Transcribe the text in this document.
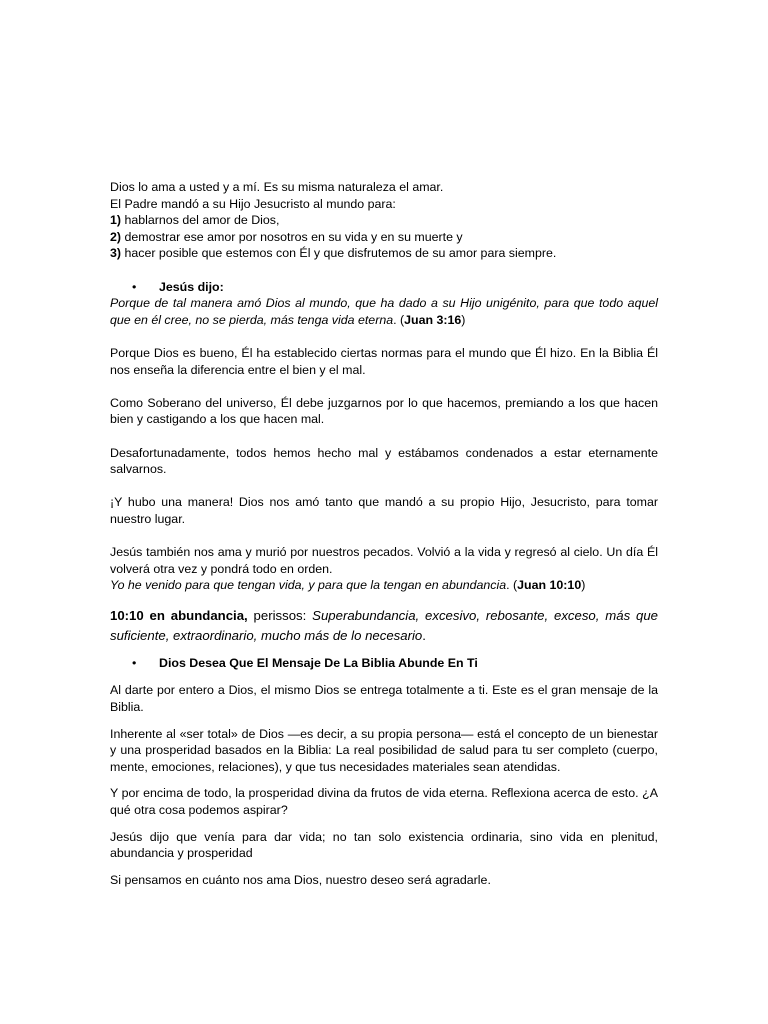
Dios lo ama a usted y a mí. Es su misma naturaleza el amar.

El Padre mandó a su Hijo Jesucristo al mundo para:

1) hablarnos del amor de Dios,

2) demostrar ese amor por nosotros en su vida y en su muerte y

3) hacer posible que estemos con Él y que disfrutemos de su amor para siempre.

• Jesús dijo:

Porque de tal manera amó Dios al mundo, que ha dado a su Hijo unigénito, para que todo aquel que en él cree, no se pierda, más tenga vida eterna. (Juan 3:16)

Porque Dios es bueno, Él ha establecido ciertas normas para el mundo que Él hizo. En la Biblia Él nos enseña la diferencia entre el bien y el mal.

Como Soberano del universo, Él debe juzgarnos por lo que hacemos, premiando a los que hacen bien y castigando a los que hacen mal.

Desafortunadamente, todos hemos hecho mal y estábamos condenados a estar eternamente salvarnos.

¡Y hubo una manera! Dios nos amó tanto que mandó a su propio Hijo, Jesucristo, para tomar nuestro lugar.

Jesús también nos ama y murió por nuestros pecados. Volvió a la vida y regresó al cielo. Un día Él volverá otra vez y pondrá todo en orden.

Yo he venido para que tengan vida, y para que la tengan en abundancia. (Juan 10:10)

10:10 en abundancia, perissos: Superabundancia, excesivo, rebosante, exceso, más que suficiente, extraordinario, mucho más de lo necesario.

• Dios Desea Que El Mensaje De La Biblia Abunde En Ti

Al darte por entero a Dios, el mismo Dios se entrega totalmente a ti. Este es el gran mensaje de la Biblia.

Inherente al «ser total» de Dios —es decir, a su propia persona— está el concepto de un bienestar y una prosperidad basados en la Biblia: La real posibilidad de salud para tu ser completo (cuerpo, mente, emociones, relaciones), y que tus necesidades materiales sean atendidas.

Y por encima de todo, la prosperidad divina da frutos de vida eterna. Reflexiona acerca de esto. ¿A qué otra cosa podemos aspirar?

Jesús dijo que venía para dar vida; no tan solo existencia ordinaria, sino vida en plenitud, abundancia y prosperidad

Si pensamos en cuánto nos ama Dios, nuestro deseo será agradarle.
